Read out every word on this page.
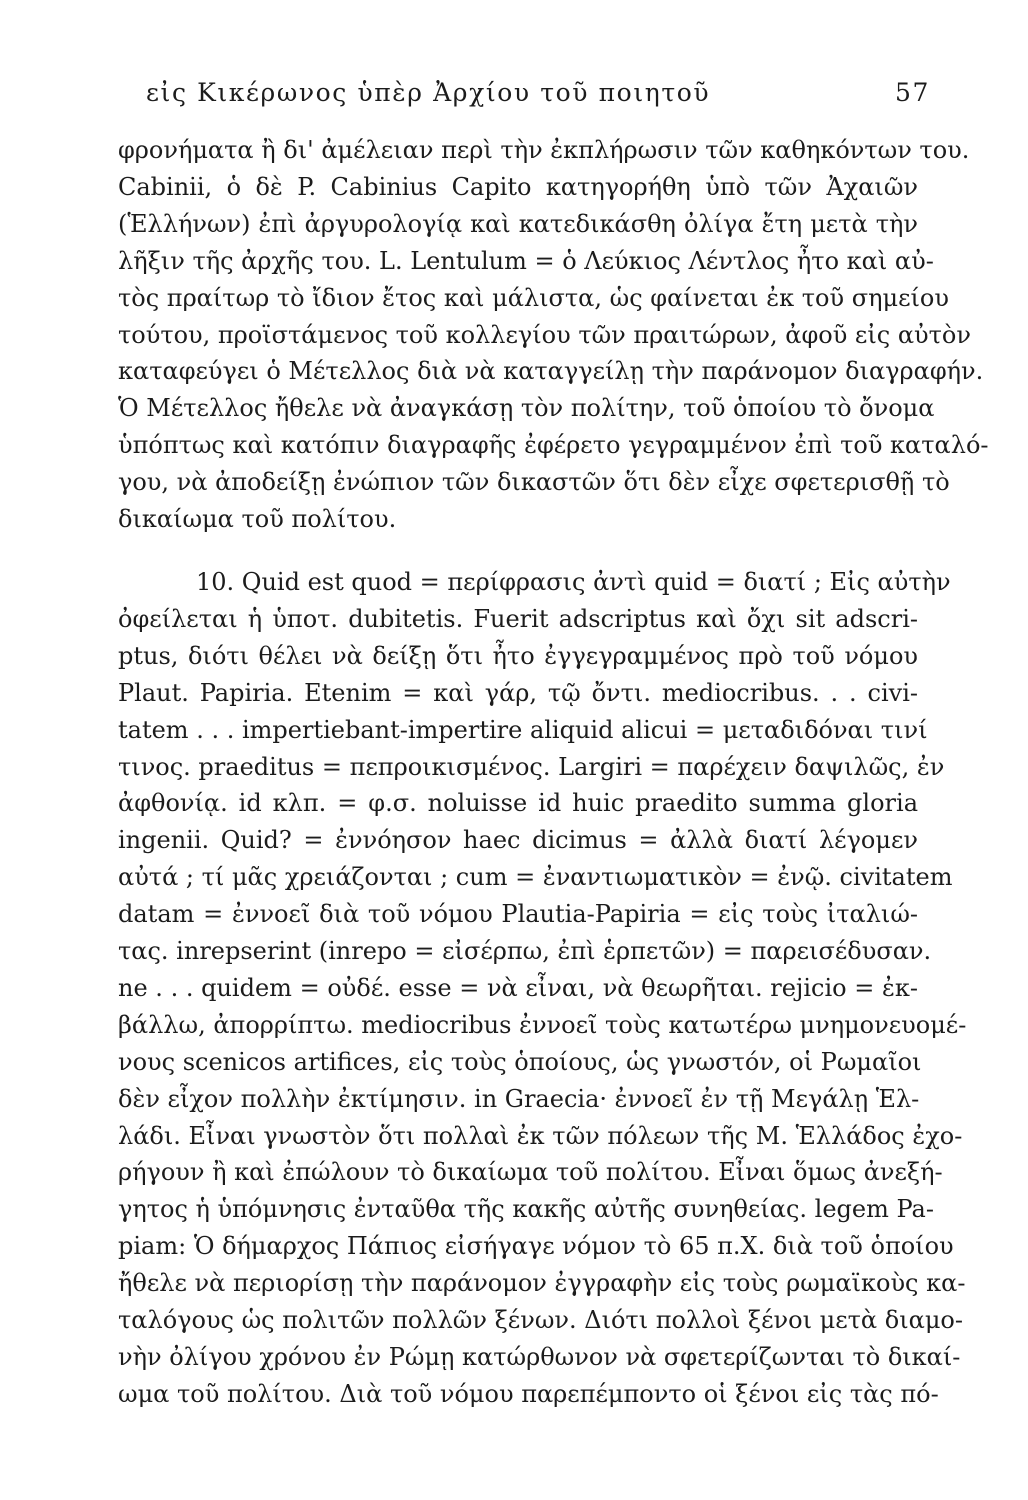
εἰς Κικέρωνος ὑπὲρ Ἀρχίου τοῦ ποιητοῦ	57
φρονήματα ἢ δι' ἀμέλειαν περὶ τὴν ἐκπλήρωσιν τῶν καθηκόντων του.
Cabinii, ὁ δὲ P. Cabinius Capito κατηγορήθη ὑπὸ τῶν Ἀχαιῶν
(Ἑλλήνων) ἐπὶ ἀργυρολογίᾳ καὶ κατεδικάσθη ὀλίγα ἔτη μετὰ τὴν
λῆξιν τῆς ἀρχῆς του. L. Lentulum = ὁ Λεύκιος Λέντλος ἦτο καὶ αὐ-
τὸς πραίτωρ τὸ ἴδιον ἔτος καὶ μάλιστα, ὡς φαίνεται ἐκ τοῦ σημείου
τούτου, προϊστάμενος τοῦ κολλεγίου τῶν πραιτώρων, ἀφοῦ εἰς αὐτὸν
καταφεύγει ὁ Μέτελλος διὰ νὰ καταγγείλῃ τὴν παράνομον διαγραφήν.
Ὁ Μέτελλος ἤθελε νὰ ἀναγκάσῃ τὸν πολίτην, τοῦ ὁποίου τὸ ὄνομα
ὑπόπτως καὶ κατόπιν διαγραφῆς ἐφέρετο γεγραμμένον ἐπὶ τοῦ καταλό-
γου, νὰ ἀποδείξῃ ἐνώπιον τῶν δικαστῶν ὅτι δὲν εἶχε σφετερισθῇ τὸ
δικαίωμα τοῦ πολίτου.
10. Quid est quod = περίφρασις ἀντὶ quid = διατί ; Εἰς αὐτὴν
ὀφείλεται ἡ ὑποτ. dubitetis. Fuerit adscriptus καὶ ὄχι sit adscri-
ptus, διότι θέλει νὰ δείξῃ ὅτι ἦτο ἐγγεγραμμένος πρὸ τοῦ νόμου
Plaut. Papiria. Etenim = καὶ γάρ, τῷ ὄντι. mediocribus. . . civi-
tatem . . . impertiebant-impertire aliquid alicui = μεταδιδόναι τινί
τινος. praeditus = πεπροικισμένος. Largiri = παρέχειν δαψιλῶς, ἐν
ἀφθονίᾳ. id κλπ. = φ.σ. noluisse id huic praedito summa gloria
ingenii. Quid? = ἐννόησον haec dicimus = ἀλλὰ διατί λέγομεν
αὐτά ; τί μᾶς χρειάζονται ; cum = ἐναντιωματικὸν = ἐνῷ. civitatem
datam = ἐννοεῖ διὰ τοῦ νόμου Plautia-Papiria = εἰς τοὺς ἰταλιώ-
τας. inrepserint (inrepo = εἰσέρπω, ἐπὶ ἑρπετῶν) = παρεισέδυσαν.
ne . . . quidem = οὐδέ. esse = νὰ εἶναι, νὰ θεωρῆται. rejicio = ἐκ-
βάλλω, ἀπορρίπτω. mediocribus ἐννοεῖ τοὺς κατωτέρω μνημονευομέ-
νους scenicos artifices, εἰς τοὺς ὁποίους, ὡς γνωστόν, οἱ Ρωμαῖοι
δὲν εἶχον πολλὴν ἐκτίμησιν. in Graecia· ἐννοεῖ ἐν τῇ Μεγάλῃ Ἑλ-
λάδι. Εἶναι γνωστὸν ὅτι πολλαὶ ἐκ τῶν πόλεων τῆς Μ. Ἑλλάδος ἐχο-
ρήγουν ἢ καὶ ἐπώλουν τὸ δικαίωμα τοῦ πολίτου. Εἶναι ὅμως ἀνεξή-
γητος ἡ ὑπόμνησις ἐνταῦθα τῆς κακῆς αὐτῆς συνηθείας. legem Pa-
piam: Ὁ δήμαρχος Πάπιος εἰσήγαγε νόμον τὸ 65 π.Χ. διὰ τοῦ ὁποίου
ἤθελε νὰ περιορίσῃ τὴν παράνομον ἐγγραφὴν εἰς τοὺς ρωμαϊκοὺς κα-
ταλόγους ὡς πολιτῶν πολλῶν ξένων. Διότι πολλοὶ ξένοι μετὰ διαμο-
νὴν ὀλίγου χρόνου ἐν Ρώμῃ κατώρθωνον νὰ σφετερίζωνται τὸ δικαί-
ωμα τοῦ πολίτου. Διὰ τοῦ νόμου παρεπέμποντο οἱ ξένοι εἰς τὰς πό-
